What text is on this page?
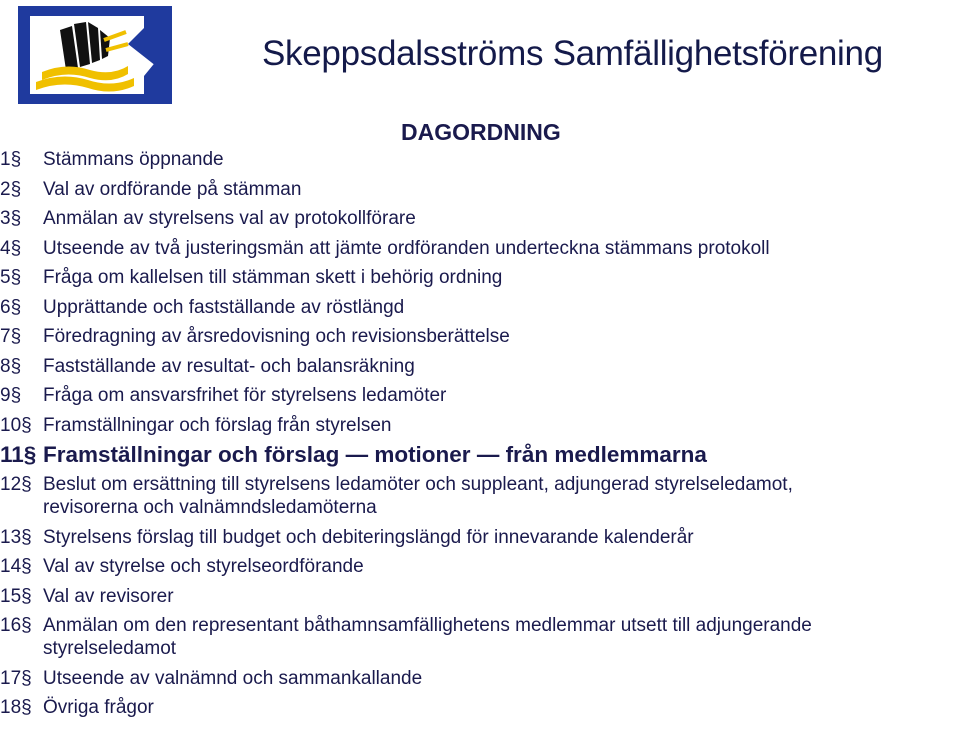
Skeppsdalsströms Samfällighetsförening
DAGORDNING
1§	Stämmans öppnande
2§	Val av ordförande på stämman
3§	Anmälan av styrelsens val av protokollförare
4§	Utseende av två justeringsmän att jämte ordföranden underteckna stämmans protokoll
5§	Fråga om kallelsen till stämman skett i behörig ordning
6§	Upprättande och fastställande av röstlängd
7§	Föredragning av årsredovisning och revisionsberättelse
8§	Fastställande av resultat- och balansräkning
9§	Fråga om ansvarsfrihet för styrelsens ledamöter
10§ Framställningar och förslag från styrelsen
11§ Framställningar och förslag — motioner — från medlemmarna
12§ Beslut om ersättning till styrelsens ledamöter och suppleant, adjungerad styrelseledamot,
revisorerna och valnämndsledamöterna
13§ Styrelsens förslag till budget och debiteringslängd för innevarande kalenderår
14§ Val av styrelse och styrelseordförande
15§ Val av revisorer
16§ Anmälan om den representant båthamnsamfällighetens medlemmar utsett till adjungerande
styrelseledamot
17§ Utseende av valnämnd och sammankallande
18§ Övriga frågor
